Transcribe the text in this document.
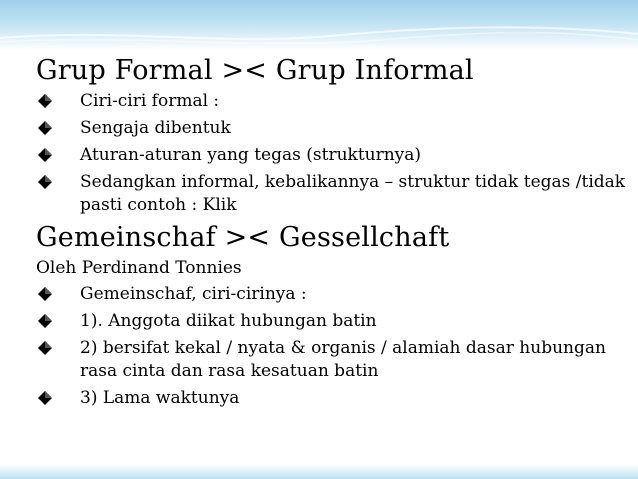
Grup Formal >< Grup Informal
Ciri-ciri formal :
Sengaja dibentuk
Aturan-aturan yang tegas (strukturnya)
Sedangkan informal, kebalikannya – struktur tidak tegas /tidak pasti contoh : Klik
Gemeinschaf >< Gessellchaft
Oleh Perdinand Tonnies
Gemeinschaf, ciri-cirinya :
1). Anggota diikat hubungan batin
2) bersifat kekal / nyata & organis / alamiah dasar hubungan rasa cinta dan rasa kesatuan batin
3) Lama waktunya
